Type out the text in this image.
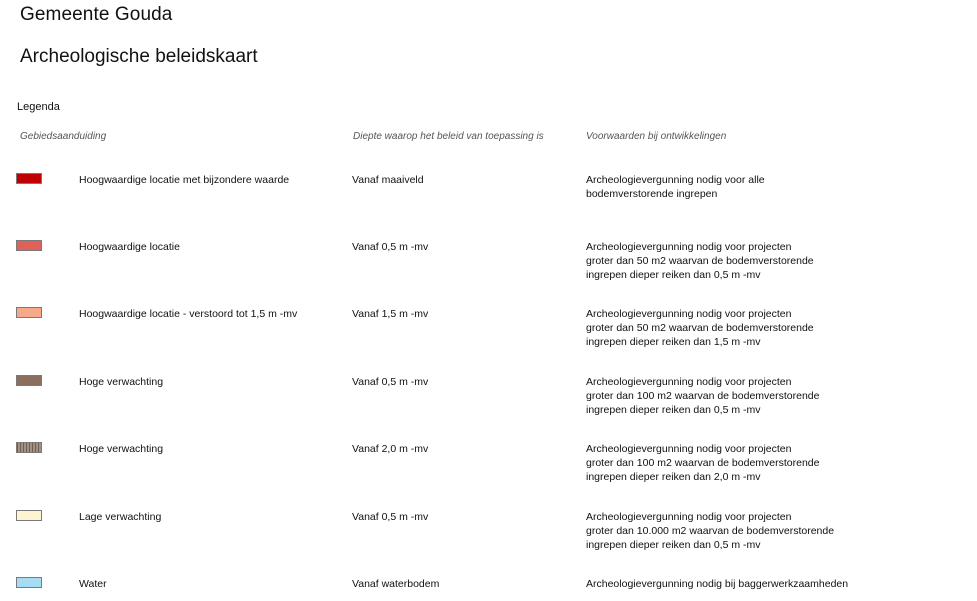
Gemeente Gouda
Archeologische beleidskaart
Legenda
Gebiedsaanduiding	Diepte waarop het beleid van toepassing is	Voorwaarden bij ontwikkelingen
Hoogwaardige locatie met bijzondere waarde	Vanaf maaiveld	Archeologievergunning nodig voor alle
bodemverstorende ingrepen
Hoogwaardige locatie	Vanaf 0,5 m -mv	Archeologievergunning nodig voor projecten
groter dan 50 m2 waarvan de bodemverstorende
ingrepen dieper reiken dan 0,5 m -mv
Hoogwaardige locatie - verstoord tot 1,5 m -mv	Vanaf 1,5 m -mv	Archeologievergunning nodig voor projecten
groter dan 50 m2 waarvan de bodemverstorende
ingrepen dieper reiken dan 1,5 m -mv
Hoge verwachting	Vanaf 0,5 m -mv	Archeologievergunning nodig voor projecten
groter dan 100 m2 waarvan de bodemverstorende
ingrepen dieper reiken dan 0,5 m -mv
Hoge verwachting	Vanaf 2,0 m -mv	Archeologievergunning nodig voor projecten
groter dan 100 m2 waarvan de bodemverstorende
ingrepen dieper reiken dan 2,0 m -mv
Lage verwachting	Vanaf 0,5 m -mv	Archeologievergunning nodig voor projecten
groter dan 10.000 m2 waarvan de bodemverstorende
ingrepen dieper reiken dan 0,5 m -mv
Water	Vanaf waterbodem	Archeologievergunning nodig bij baggerwerkzaamheden
